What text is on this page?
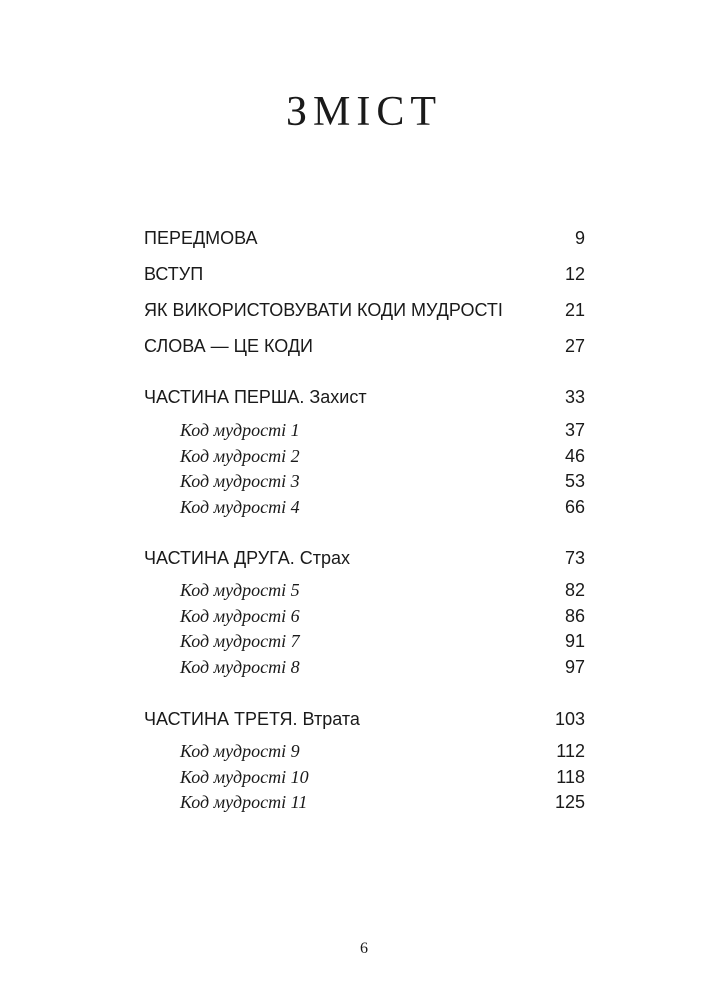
ЗМІСТ
ПЕРЕДМОВА	9
ВСТУП	12
ЯК ВИКОРИСТОВУВАТИ КОДИ МУДРОСТІ	21
СЛОВА — ЦЕ КОДИ	27
ЧАСТИНА ПЕРША. Захист	33
Код мудрості 1	37
Код мудрості 2	46
Код мудрості 3	53
Код мудрості 4	66
ЧАСТИНА ДРУГА. Страх	73
Код мудрості 5	82
Код мудрості 6	86
Код мудрості 7	91
Код мудрості 8	97
ЧАСТИНА ТРЕТЯ. Втрата	103
Код мудрості 9	112
Код мудрості 10	118
Код мудрості 11	125
6
